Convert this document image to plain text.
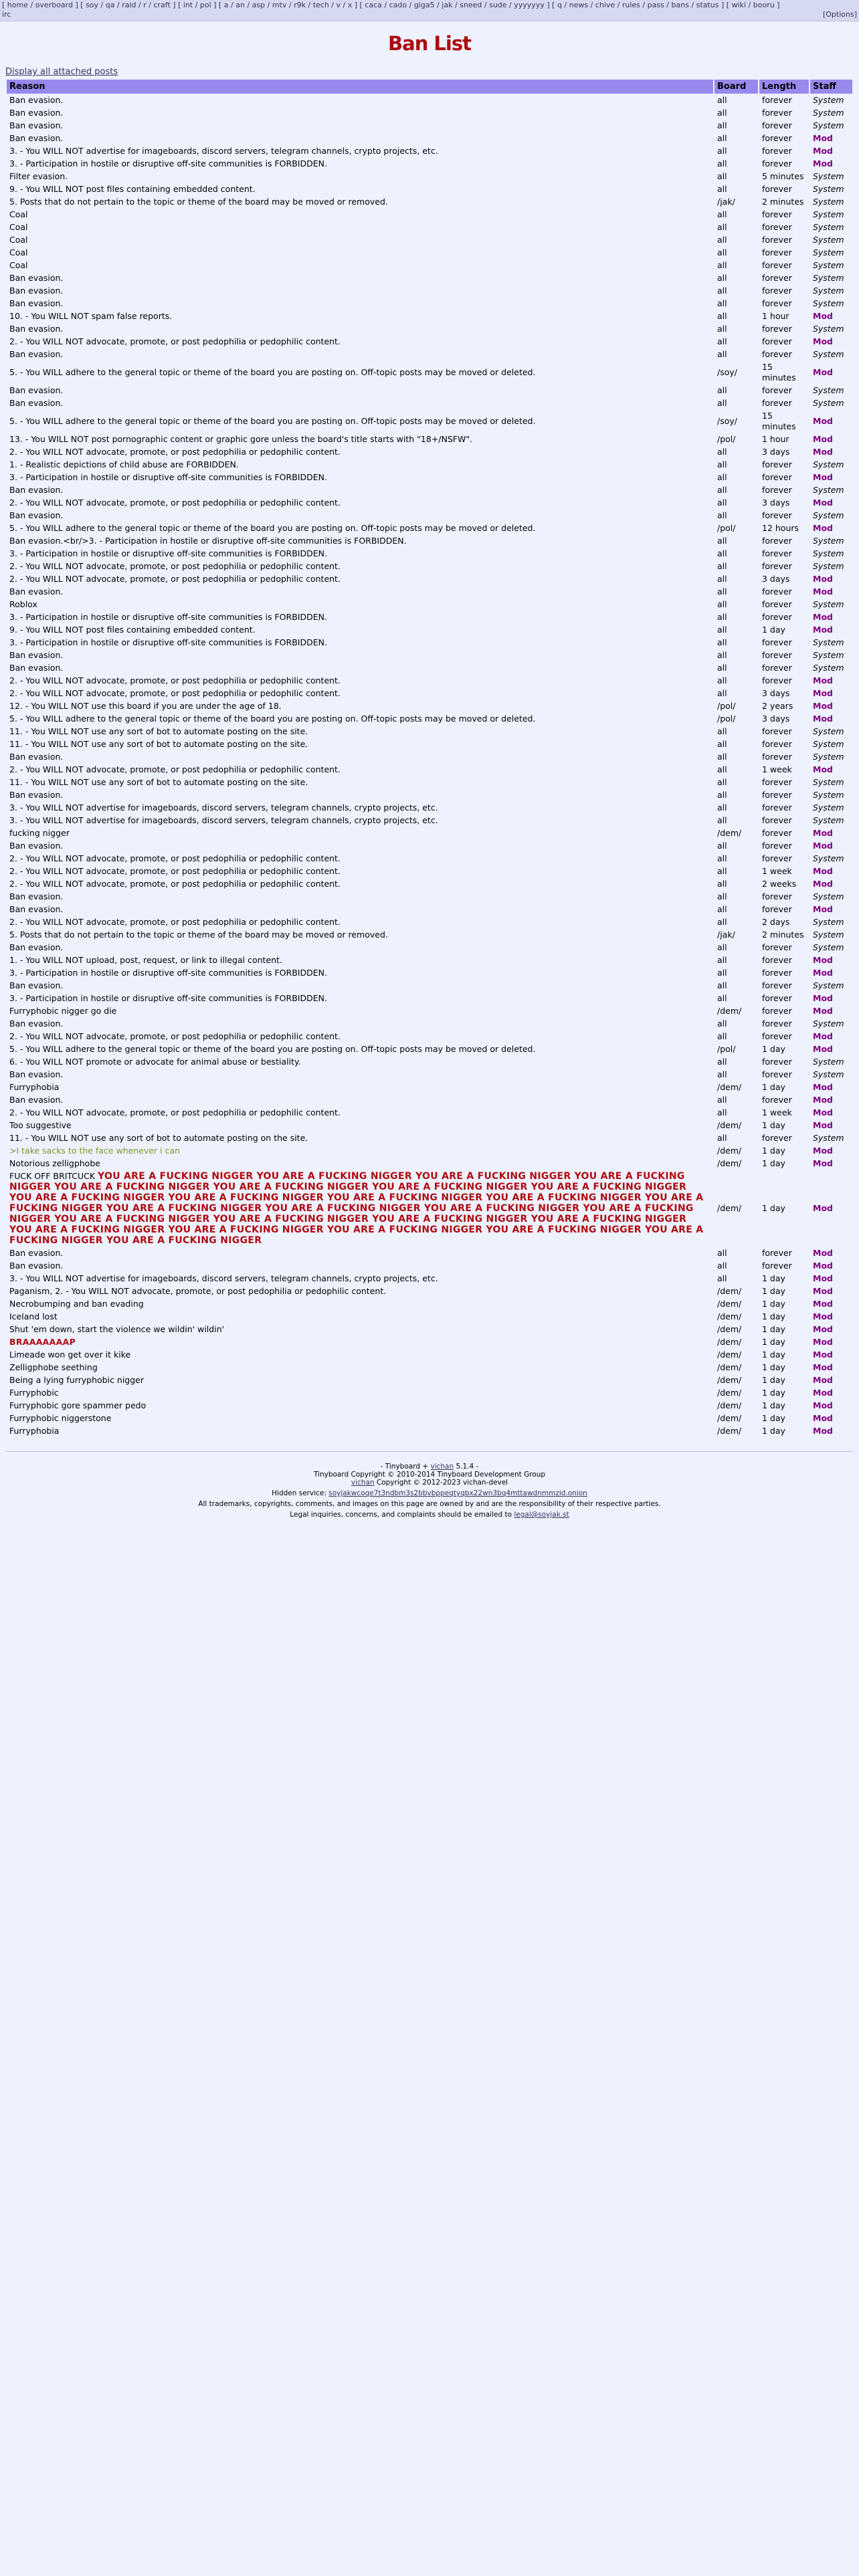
[ home / overboard ] [ soy / qa / raid / r / craft ] [ int / pol ] [ a / an / asp / mtv / r9k / tech / v / x ] [ caca / cado / giga5 / jak / sneed / sude / yyyyyyy ] [ q / news / chive / rules / pass / bans / status ] [ wiki / booru ]
irc	[Options]
Ban List
Display all attached posts
Reason	Board	Length	Staff
Ban evasion.	all	forever	System
Ban evasion.	all	forever	System
Ban evasion.	all	forever	System
Ban evasion.	all	forever	Mod
3. - You WILL NOT advertise for imageboards, discord servers, telegram channels, crypto projects, etc.	all	forever	Mod
3. - Participation in hostile or disruptive off-site communities is FORBIDDEN.	all	forever	Mod
Filter evasion.	all	5 minutes	System
9. - You WILL NOT post files containing embedded content.	all	forever	System
5. Posts that do not pertain to the topic or theme of the board may be moved or removed.	/jak/	2 minutes	System
Coal	all	forever	System
Coal	all	forever	System
Coal	all	forever	System
Coal	all	forever	System
Coal	all	forever	System
Ban evasion.	all	forever	System
Ban evasion.	all	forever	System
Ban evasion.	all	forever	System
10. - You WILL NOT spam false reports.	all	1 hour	Mod
Ban evasion.	all	forever	System
2. - You WILL NOT advocate, promote, or post pedophilia or pedophilic content.	all	forever	Mod
Ban evasion.	all	forever	System
5. - You WILL adhere to the general topic or theme of the board you are posting on. Off-topic posts may be moved or deleted.	/soy/	15 minutes	Mod
Ban evasion.	all	forever	System
Ban evasion.	all	forever	System
5. - You WILL adhere to the general topic or theme of the board you are posting on. Off-topic posts may be moved or deleted.	/soy/	15 minutes	Mod
13. - You WILL NOT post pornographic content or graphic gore unless the board's title starts with "18+/NSFW".	/pol/	1 hour	Mod
2. - You WILL NOT advocate, promote, or post pedophilia or pedophilic content.	all	3 days	Mod
1. - Realistic depictions of child abuse are FORBIDDEN.	all	forever	System
3. - Participation in hostile or disruptive off-site communities is FORBIDDEN.	all	forever	Mod
Ban evasion.	all	forever	System
2. - You WILL NOT advocate, promote, or post pedophilia or pedophilic content.	all	3 days	Mod
Ban evasion.	all	forever	System
5. - You WILL adhere to the general topic or theme of the board you are posting on. Off-topic posts may be moved or deleted.	/pol/	12 hours	Mod
Ban evasion.<br/>3. - Participation in hostile or disruptive off-site communities is FORBIDDEN.	all	forever	System
3. - Participation in hostile or disruptive off-site communities is FORBIDDEN.	all	forever	System
2. - You WILL NOT advocate, promote, or post pedophilia or pedophilic content.	all	forever	System
2. - You WILL NOT advocate, promote, or post pedophilia or pedophilic content.	all	3 days	Mod
Ban evasion.	all	forever	Mod
Roblox	all	forever	System
3. - Participation in hostile or disruptive off-site communities is FORBIDDEN.	all	forever	Mod
9. - You WILL NOT post files containing embedded content.	all	1 day	Mod
3. - Participation in hostile or disruptive off-site communities is FORBIDDEN.	all	forever	System
Ban evasion.	all	forever	System
Ban evasion.	all	forever	System
2. - You WILL NOT advocate, promote, or post pedophilia or pedophilic content.	all	forever	Mod
2. - You WILL NOT advocate, promote, or post pedophilia or pedophilic content.	all	3 days	Mod
12. - You WILL NOT use this board if you are under the age of 18.	/pol/	2 years	Mod
5. - You WILL adhere to the general topic or theme of the board you are posting on. Off-topic posts may be moved or deleted.	/pol/	3 days	Mod
11. - You WILL NOT use any sort of bot to automate posting on the site.	all	forever	System
11. - You WILL NOT use any sort of bot to automate posting on the site.	all	forever	System
Ban evasion.	all	forever	System
2. - You WILL NOT advocate, promote, or post pedophilia or pedophilic content.	all	1 week	Mod
11. - You WILL NOT use any sort of bot to automate posting on the site.	all	forever	System
Ban evasion.	all	forever	System
3. - You WILL NOT advertise for imageboards, discord servers, telegram channels, crypto projects, etc.	all	forever	System
3. - You WILL NOT advertise for imageboards, discord servers, telegram channels, crypto projects, etc.	all	forever	System
fucking nigger	/dem/	forever	Mod
Ban evasion.	all	forever	Mod
2. - You WILL NOT advocate, promote, or post pedophilia or pedophilic content.	all	forever	System
2. - You WILL NOT advocate, promote, or post pedophilia or pedophilic content.	all	1 week	Mod
2. - You WILL NOT advocate, promote, or post pedophilia or pedophilic content.	all	2 weeks	Mod
Ban evasion.	all	forever	System
Ban evasion.	all	forever	Mod
2. - You WILL NOT advocate, promote, or post pedophilia or pedophilic content.	all	2 days	System
5. Posts that do not pertain to the topic or theme of the board may be moved or removed.	/jak/	2 minutes	System
Ban evasion.	all	forever	System
1. - You WILL NOT upload, post, request, or link to illegal content.	all	forever	Mod
3. - Participation in hostile or disruptive off-site communities is FORBIDDEN.	all	forever	Mod
Ban evasion.	all	forever	System
3. - Participation in hostile or disruptive off-site communities is FORBIDDEN.	all	forever	Mod
Furryphobic nigger go die	/dem/	forever	Mod
Ban evasion.	all	forever	System
2. - You WILL NOT advocate, promote, or post pedophilia or pedophilic content.	all	forever	Mod
5. - You WILL adhere to the general topic or theme of the board you are posting on. Off-topic posts may be moved or deleted.	/pol/	1 day	Mod
6. - You WILL NOT promote or advocate for animal abuse or bestiality.	all	forever	System
Ban evasion.	all	forever	System
Furryphobia	/dem/	1 day	Mod
Ban evasion.	all	forever	Mod
2. - You WILL NOT advocate, promote, or post pedophilia or pedophilic content.	all	1 week	Mod
Too suggestive	/dem/	1 day	Mod
11. - You WILL NOT use any sort of bot to automate posting on the site.	all	forever	System
>I take sacks to the face whenever i can	/dem/	1 day	Mod
Notorious zelligphobe	/dem/	1 day	Mod
FUCK OFF BRITCUCK YOU ARE A FUCKING NIGGER YOU ARE A FUCKING NIGGER YOU ARE A FUCKING NIGGER YOU ARE A FUCKING NIGGER YOU ARE A FUCKING NIGGER YOU ARE A FUCKING NIGGER YOU ARE A FUCKING NIGGER YOU ARE A FUCKING NIGGER YOU ARE A FUCKING NIGGER YOU ARE A FUCKING NIGGER YOU ARE A FUCKING NIGGER YOU ARE A FUCKING NIGGER YOU ARE A FUCKING NIGGER YOU ARE A FUCKING NIGGER YOU ARE A FUCKING NIGGER YOU ARE A FUCKING NIGGER YOU ARE A FUCKING NIGGER YOU ARE A FUCKING NIGGER YOU ARE A FUCKING NIGGER YOU ARE A FUCKING NIGGER YOU ARE A FUCKING NIGGER YOU ARE A FUCKING NIGGER YOU ARE A FUCKING NIGGER YOU ARE A FUCKING NIGGER YOU ARE A FUCKING NIGGER YOU ARE A FUCKING NIGGER YOU ARE A FUCKING NIGGER	/dem/	1 day	Mod
Ban evasion.	all	forever	Mod
Ban evasion.	all	forever	Mod
3. - You WILL NOT advertise for imageboards, discord servers, telegram channels, crypto projects, etc.	all	1 day	Mod
Paganism, 2. - You WILL NOT advocate, promote, or post pedophilia or pedophilic content.	/dem/	1 day	Mod
Necrobumping and ban evading	/dem/	1 day	Mod
Iceland lost	/dem/	1 day	Mod
Shut 'em down, start the violence we wildin' wildin'	/dem/	1 day	Mod
BRAAAAAAAP	/dem/	1 day	Mod
Limeade won get over it kike	/dem/	1 day	Mod
Zelligphobe seething	/dem/	1 day	Mod
Being a lying furryphobic nigger	/dem/	1 day	Mod
Furryphobic	/dem/	1 day	Mod
Furryphobic gore spammer pedo	/dem/	1 day	Mod
Furryphobic niggerstone	/dem/	1 day	Mod
Furryphobia	/dem/	1 day	Mod

- Tinyboard + vichan 5.1.4 -
Tinyboard Copyright © 2010-2014 Tinyboard Development Group
vichan Copyright © 2012-2023 vichan-devel

Hidden service: soyjakwcoqe7t3ndbm3s2bbvbppeqtyqbx22wn3bq4mttawdnmmzid.onion

All trademarks, copyrights, comments, and images on this page are owned by and are the responsibility of their respective parties.

Legal inquiries, concerns, and complaints should be emailed to legal@soyjak.st
